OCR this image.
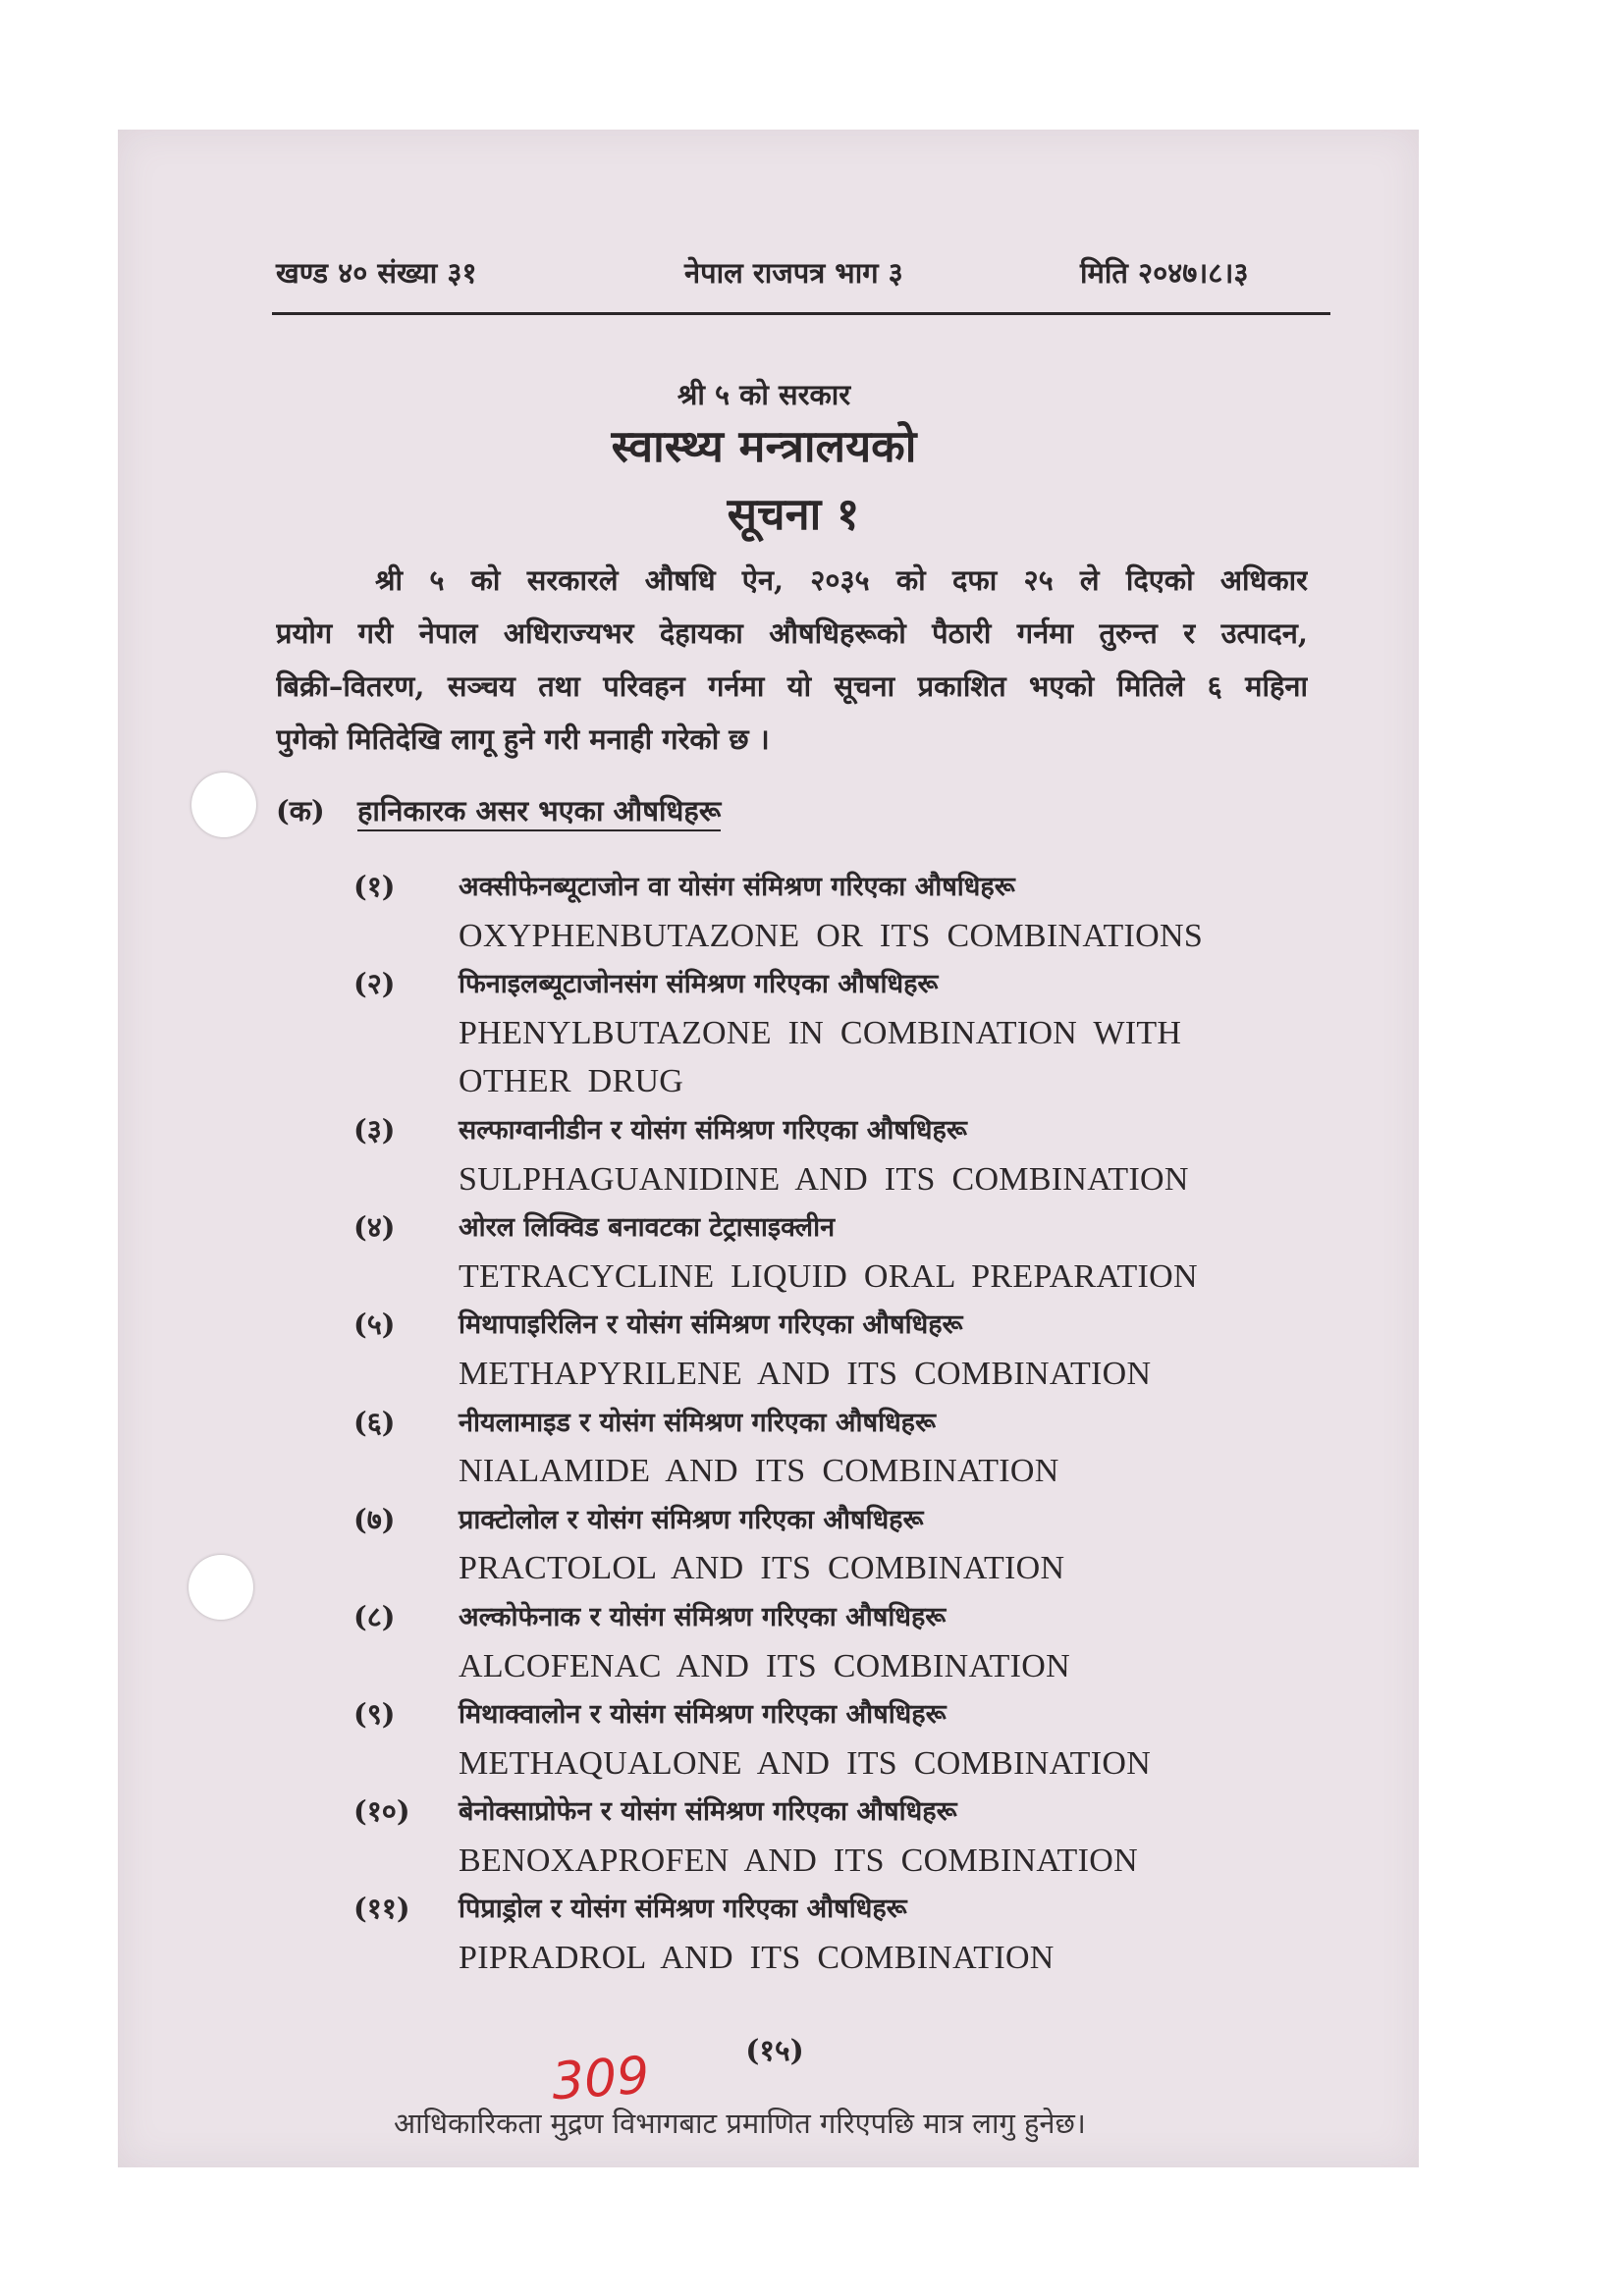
खण्ड ४० संख्या ३१	नेपाल राजपत्र भाग ३	मिति २०४७।८।३
श्री ५ को सरकार
स्वास्थ्य मन्त्रालयको
सूचना १
श्री ५ को सरकारले औषधि ऐन, २०३५ को दफा २५ ले दिएको अधिकार
प्रयोग गरी नेपाल अधिराज्यभर देहायका औषधिहरूको पैठारी गर्नमा तुरुन्त र उत्पादन,
बिक्री–वितरण, सञ्चय तथा परिवहन गर्नमा यो सूचना प्रकाशित भएको मितिले ६ महिना
पुगेको मितिदेखि लागू हुने गरी मनाही गरेको छ ।
(क) हानिकारक असर भएका औषधिहरू
(१) अक्सीफेनब्यूटाजोन वा योसंग संमिश्रण गरिएका औषधिहरू
OXYPHENBUTAZONE OR ITS COMBINATIONS
(२) फिनाइलब्यूटाजोनसंग संमिश्रण गरिएका औषधिहरू
PHENYLBUTAZONE IN COMBINATION WITH
OTHER DRUG
(३) सल्फाग्वानीडीन र योसंग संमिश्रण गरिएका औषधिहरू
SULPHAGUANIDINE AND ITS COMBINATION
(४) ओरल लिक्विड बनावटका टेट्रासाइक्लीन
TETRACYCLINE LIQUID ORAL PREPARATION
(५) मिथापाइरिलिन र योसंग संमिश्रण गरिएका औषधिहरू
METHAPYRILENE AND ITS COMBINATION
(६) नीयलामाइड र योसंग संमिश्रण गरिएका औषधिहरू
NIALAMIDE AND ITS COMBINATION
(७) प्राक्टोलोल र योसंग संमिश्रण गरिएका औषधिहरू
PRACTOLOL AND ITS COMBINATION
(८) अल्कोफेनाक र योसंग संमिश्रण गरिएका औषधिहरू
ALCOFENAC AND ITS COMBINATION
(९) मिथाक्वालोन र योसंग संमिश्रण गरिएका औषधिहरू
METHAQUALONE AND ITS COMBINATION
(१०) बेनोक्साप्रोफेन र योसंग संमिश्रण गरिएका औषधिहरू
BENOXAPROFEN AND ITS COMBINATION
(११) पिप्राड्रोल र योसंग संमिश्रण गरिएका औषधिहरू
PIPRADROL AND ITS COMBINATION
(१५)
309
आधिकारिकता मुद्रण विभागबाट प्रमाणित गरिएपछि मात्र लागु हुनेछ।
